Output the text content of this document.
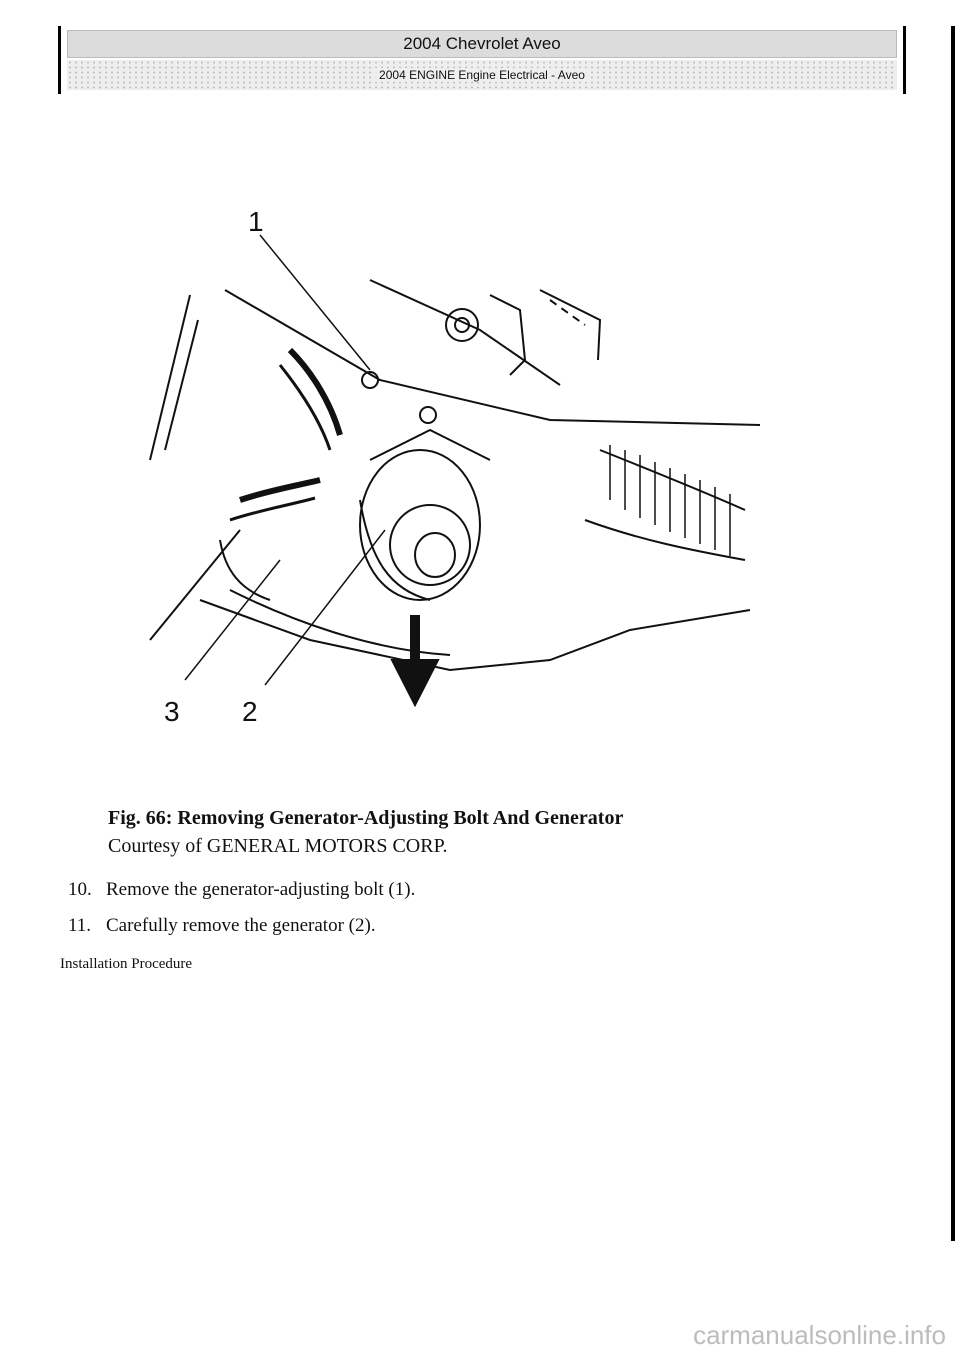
2004 Chevrolet Aveo
2004 ENGINE Engine Electrical - Aveo
1
2
3
Fig. 66: Removing Generator-Adjusting Bolt And Generator
Courtesy of GENERAL MOTORS CORP.
10. Remove the generator-adjusting bolt (1).
11. Carefully remove the generator (2).
Installation Procedure
carmanualsonline.info
